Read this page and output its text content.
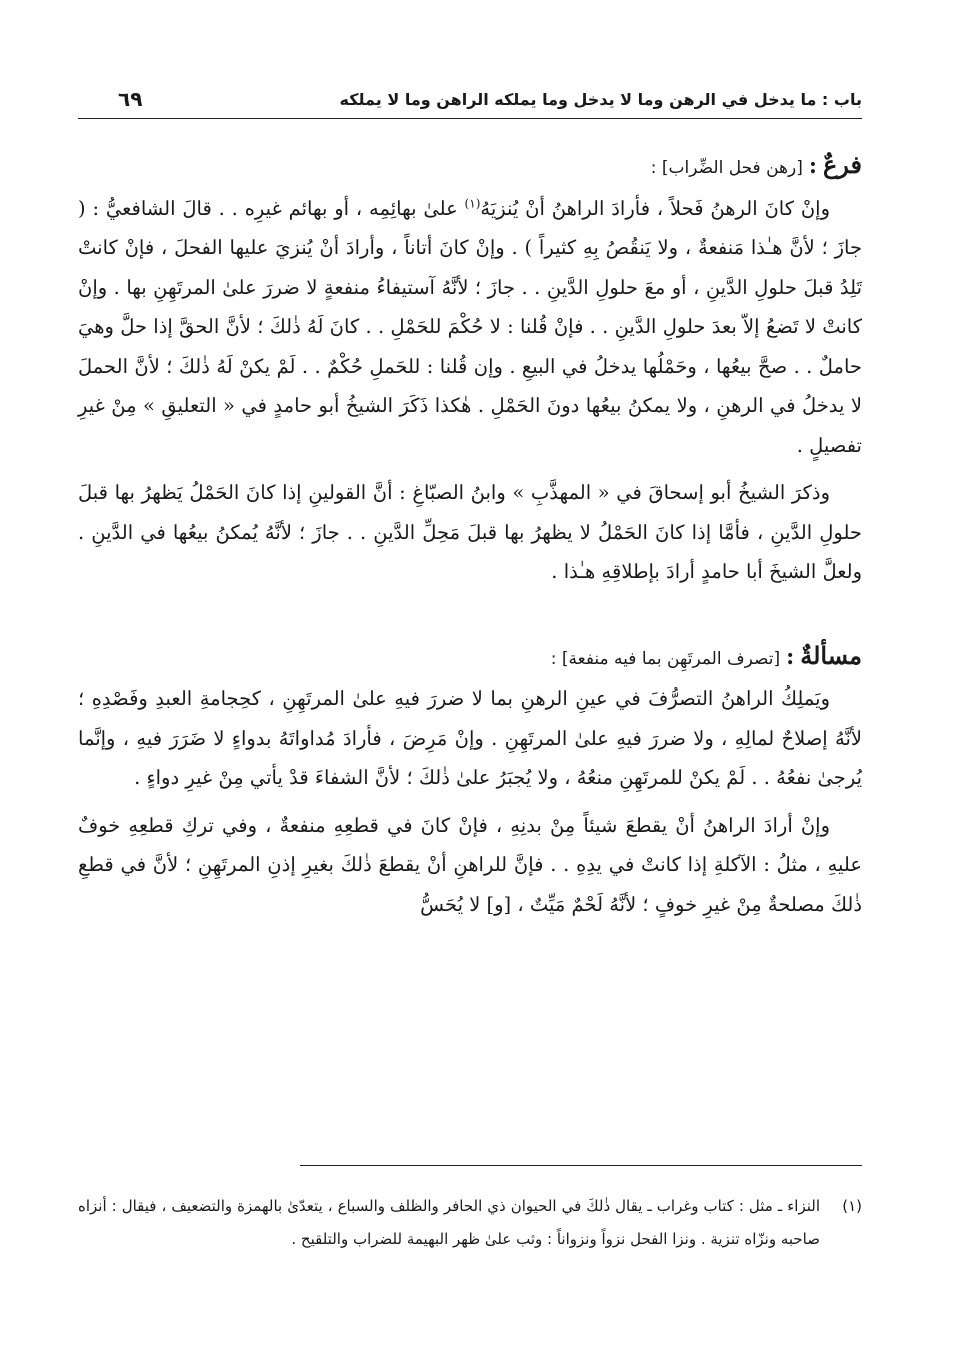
باب : ما يدخل في الرهن وما لا يدخل وما يملكه الراهن وما لا يملكه
٦٩

فرعٌ:[رهن فحل الضِّراب] :

وإنْ كانَ الرهنُ فَحلاً ، فأرادَ الراهنُ أنْ يُنزيَهُ$^{(١)}$ علىٰ بهائِمِه ، أو بهائم غيرِه . . قالَ الشافعيُّ : ( جازَ ؛ لأنَّ هـٰذا مَنفعةٌ ، ولا يَنقُصُ بِهِ كثيراً ) . وإنْ كانَ أتاناً ، وأرادَ أنْ يُنزيَ عليها الفحلَ ، فإنْ كانتْ تَلِدُ قبلَ حلولِ الدَّينِ ، أو معَ حلولِ الدَّينِ . . جازَ ؛ لأنَّهُ آستيفاءُ منفعةٍ لا ضررَ علىٰ المرتَهِنِ بها . وإنْ كانتْ لا تَضعُ إلاّ بعدَ حلولِ الدَّينِ . . فإنْ قُلنا : لا حُكْمَ للحَمْلِ . . كانَ لَهُ ذٰلكَ ؛ لأنَّ الحقَّ إذا حلَّ وهيَ حاملٌ . . صحَّ بيعُها ، وحَمْلُها يدخلُ في البيعِ . وإن قُلنا : للحَملِ حُكْمٌ . . لَمْ يكنْ لَهُ ذٰلكَ ؛ لأنَّ الحملَ لا يدخلُ في الرهنِ ، ولا يمكنُ بيعُها دونَ الحَمْلِ . هٰكذا ذَكَرَ الشيخُ أبو حامدٍ في « التعليقِ » مِنْ غيرِ تفصيلٍ .

وذكرَ الشيخُ أبو إسحاقَ في « المهذَّبِ » وابنُ الصبّاغِ : أنَّ القولينِ إذا كانَ الحَمْلُ يَظهرُ بها قبلَ حلولِ الدَّينِ ، فأمَّا إذا كانَ الحَمْلُ لا يظهرُ بها قبلَ مَحِلِّ الدَّينِ . . جازَ ؛ لأنَّهُ يُمكنُ بيعُها في الدَّينِ . ولعلَّ الشيخَ أبا حامدٍ أرادَ بإطلاقِهِ هـٰذا .

مسألةٌ:[تصرف المرتَهِن بما فيه منفعة] :

ويَملِكُ الراهنُ التصرُّفَ في عينِ الرهنِ بما لا ضررَ فيهِ علىٰ المرتَهِنِ ، كحِجامةِ العبدِ وفَصْدِهِ ؛ لأنَّهُ إصلاحٌ لمالِهِ ، ولا ضررَ فيهِ علىٰ المرتَهِنِ . وإنْ مَرِضَ ، فأرادَ مُداواتَهُ بدواءٍ لا ضَرَرَ فيهِ ، وإنَّما يُرجىٰ نفعُهُ . . لَمْ يكنْ للمرتَهِنِ منعُهُ ، ولا يُجبَرُ علىٰ ذٰلكَ ؛ لأنَّ الشفاءَ قدْ يأتي مِنْ غيرِ دواءٍ .

وإنْ أرادَ الراهنُ أنْ يقطعَ شيئاً مِنْ بدنِهِ ، فإنْ كانَ في قطعِهِ منفعةٌ ، وفي تركِ قطعِهِ خوفٌ عليهِ ، مثلُ : الآكلةِ إذا كانتْ في يدِهِ . . فإنَّ للراهنِ أنْ يقطعَ ذٰلكَ بغيرِ إذنِ المرتَهِنِ ؛ لأنَّ في قطعِ ذٰلكَ مصلحةٌ مِنْ غيرِ خوفٍ ؛ لأنَّهُ لَحْمٌ مَيِّتٌ ، [و] لا يُحَسُّ

(١)
النزاء ـ مثل : كتاب وغراب ـ يقال ذٰلكَ في الحيوان ذي الحافر والظلف والسباع ، يتعدّىٰ بالهمزة والتضعيف ، فيقال : أنزاه صاحبه ونزّاه تنزية . ونزا الفحل نزواً ونزواناً : وثب علىٰ ظهر البهيمة للضراب والتلقيح .
